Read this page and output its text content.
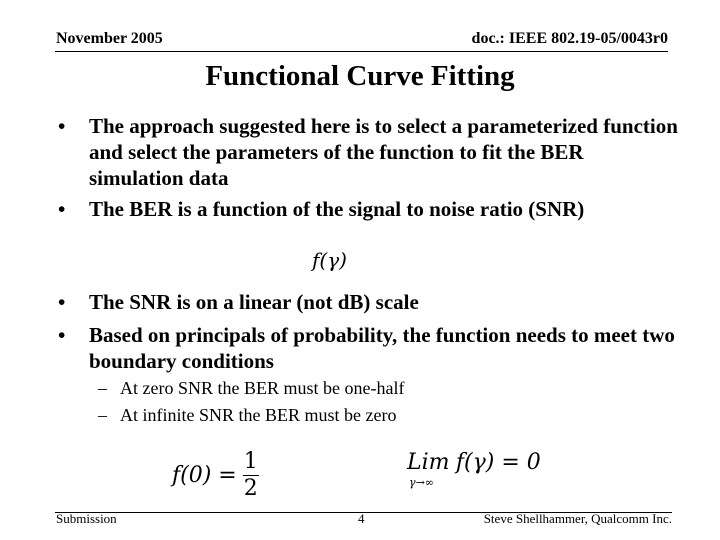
November 2005	doc.: IEEE 802.19-05/0043r0
Functional Curve Fitting
• The approach suggested here is to select a parameterized function and select the parameters of the function to fit the BER simulation data
• The BER is a function of the signal to noise ratio (SNR)
f(γ)
• The SNR is on a linear (not dB) scale
• Based on principals of probability, the function needs to meet two boundary conditions
– At zero SNR the BER must be one-half
– At infinite SNR the BER must be zero
$f(0) = \frac{1}{2}$	Lim
γ→∞
f(γ) = 0
Submission	4	Steve Shellhammer, Qualcomm Inc.
